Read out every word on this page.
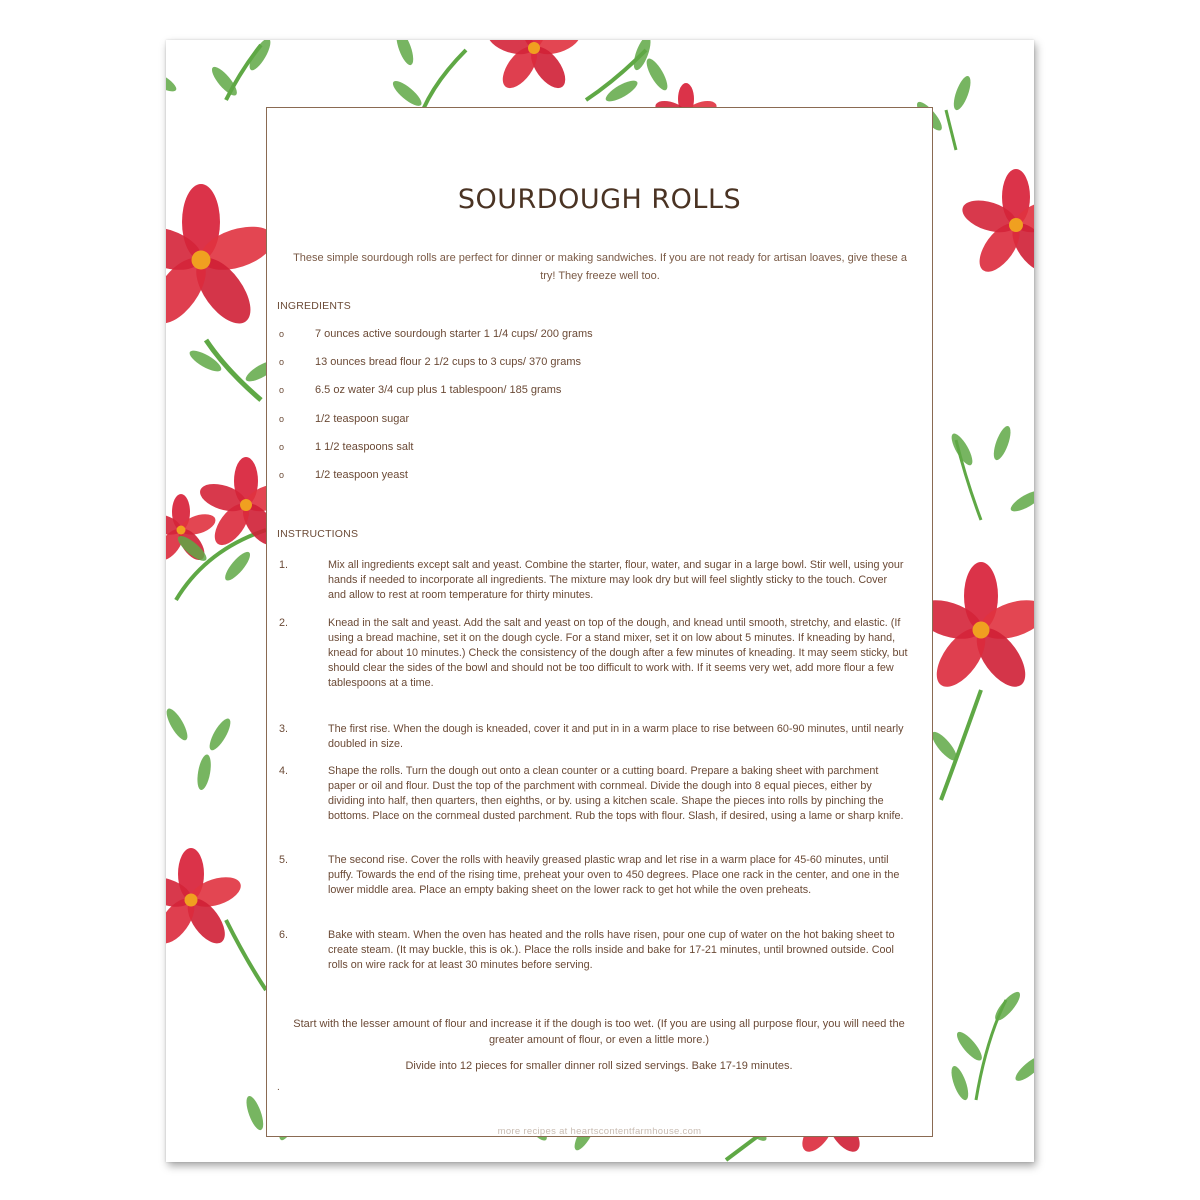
SOURDOUGH ROLLS
These simple sourdough rolls are perfect for dinner or making sandwiches. If you are not ready for artisan loaves, give these a try! They freeze well too.
INGREDIENTS
o	7 ounces active sourdough starter 1 1/4 cups/ 200 grams
o	13 ounces bread flour 2 1/2 cups to 3 cups/ 370 grams
o	6.5 oz water 3/4 cup plus 1 tablespoon/ 185 grams
o	1/2 teaspoon sugar
o	1 1/2 teaspoons salt
o	1/2 teaspoon yeast
INSTRUCTIONS
1.	Mix all ingredients except salt and yeast. Combine the starter, flour, water, and sugar in a large bowl. Stir well, using your hands if needed to incorporate all ingredients. The mixture may look dry but will feel slightly sticky to the touch. Cover and allow to rest at room temperature for thirty minutes.
2.	Knead in the salt and yeast. Add the salt and yeast on top of the dough, and knead until smooth, stretchy, and elastic. (If using a bread machine, set it on the dough cycle. For a stand mixer, set it on low about 5 minutes. If kneading by hand, knead for about 10 minutes.) Check the consistency of the dough after a few minutes of kneading. It may seem sticky, but should clear the sides of the bowl and should not be too difficult to work with. If it seems very wet, add more flour a few tablespoons at a time.
3.	The first rise. When the dough is kneaded, cover it and put in in a warm place to rise between 60-90 minutes, until nearly doubled in size.
4.	Shape the rolls. Turn the dough out onto a clean counter or a cutting board. Prepare a baking sheet with parchment paper or oil and flour. Dust the top of the parchment with cornmeal. Divide the dough into 8 equal pieces, either by dividing into half, then quarters, then eighths, or by. using a kitchen scale. Shape the pieces into rolls by pinching the bottoms. Place on the cornmeal dusted parchment. Rub the tops with flour. Slash, if desired, using a lame or sharp knife.
5.	The second rise. Cover the rolls with heavily greased plastic wrap and let rise in a warm place for 45-60 minutes, until puffy. Towards the end of the rising time, preheat your oven to 450 degrees. Place one rack in the center, and one in the lower middle area. Place an empty baking sheet on the lower rack to get hot while the oven preheats.
6.	Bake with steam. When the oven has heated and the rolls have risen, pour one cup of water on the hot baking sheet to create steam. (It may buckle, this is ok.). Place the rolls inside and bake for 17-21 minutes, until browned outside. Cool rolls on wire rack for at least 30 minutes before serving.
Start with the lesser amount of flour and increase it if the dough is too wet. (If you are using all purpose flour, you will need the greater amount of flour, or even a little more.)
Divide into 12 pieces for smaller dinner roll sized servings. Bake 17-19 minutes.
.
more recipes at heartscontentfarmhouse.com
